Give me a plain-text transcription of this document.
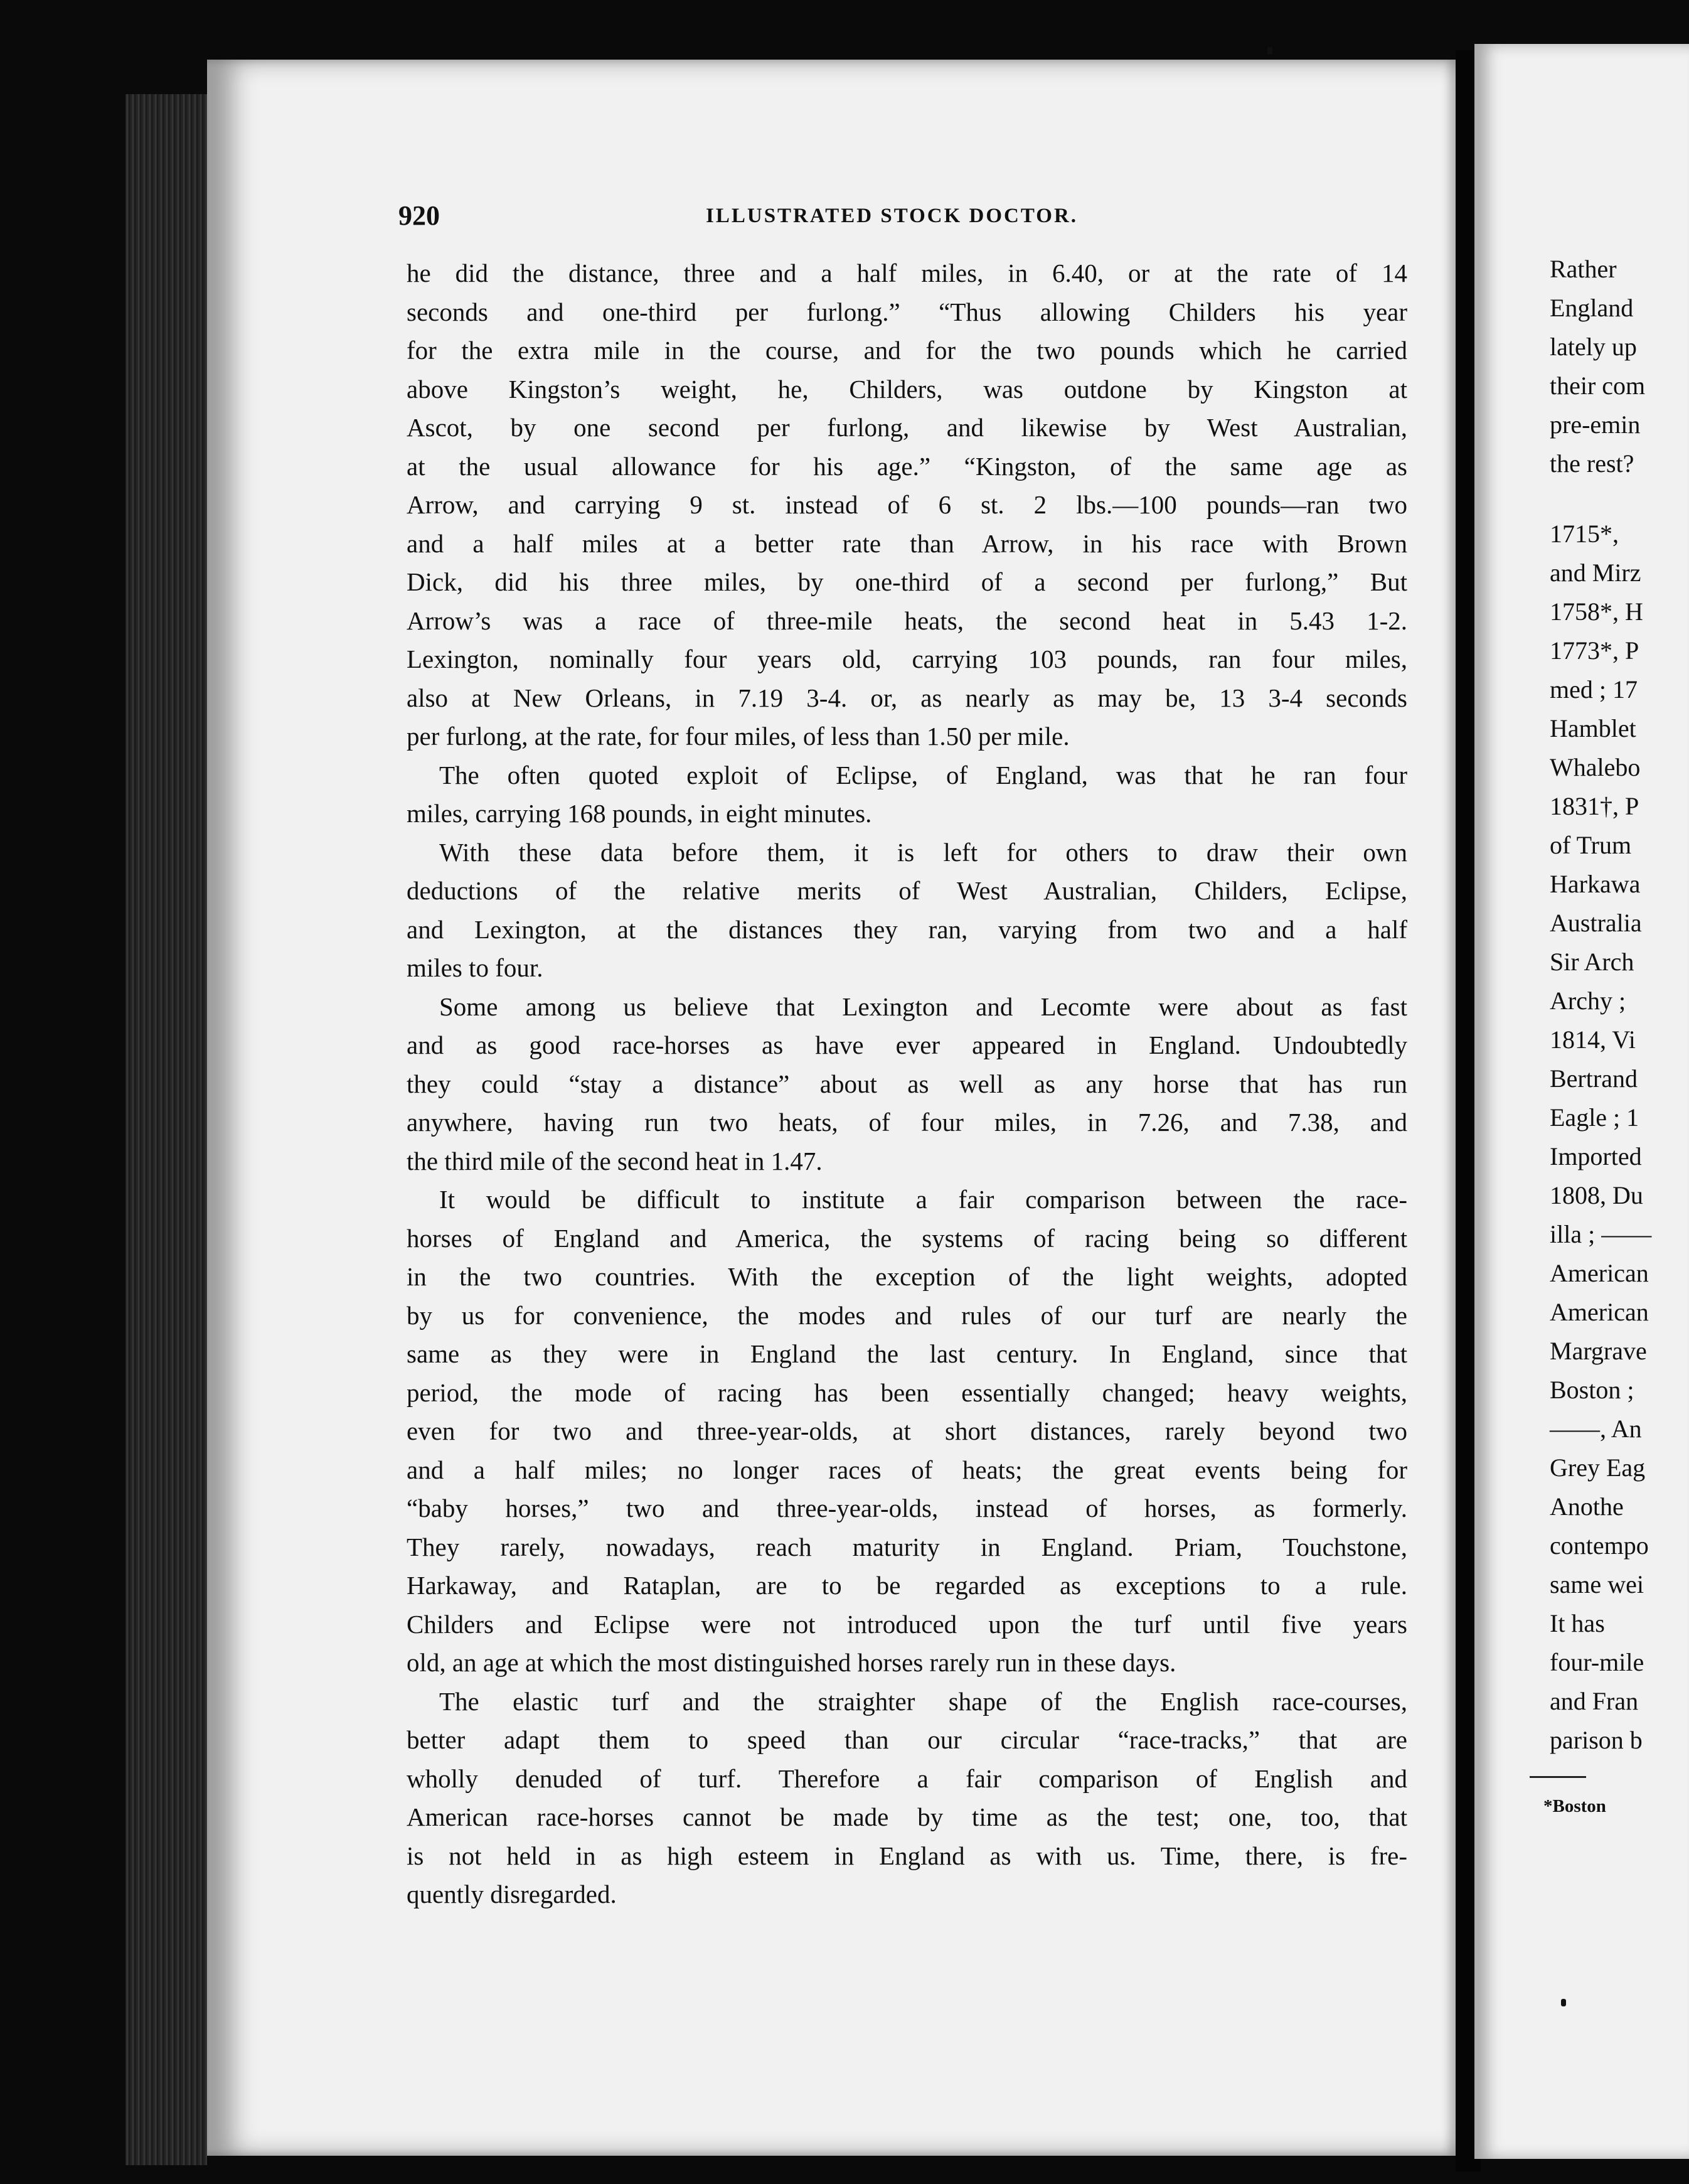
920	ILLUSTRATED STOCK DOCTOR.
he did the distance, three and a half miles, in 6.40, or at the rate of 14
seconds and one-third per furlong.” “Thus allowing Childers his year
for the extra mile in the course, and for the two pounds which he carried
above Kingston’s weight, he, Childers, was outdone by Kingston at
Ascot, by one second per furlong, and likewise by West Australian,
at the usual allowance for his age.” “Kingston, of the same age as
Arrow, and carrying 9 st. instead of 6 st. 2 lbs.—100 pounds—ran two
and a half miles at a better rate than Arrow, in his race with Brown
Dick, did his three miles, by one-third of a second per furlong,” But
Arrow’s was a race of three-mile heats, the second heat in 5.43 1-2.
Lexington, nominally four years old, carrying 103 pounds, ran four miles,
also at New Orleans, in 7.19 3-4. or, as nearly as may be, 13 3-4 seconds
per furlong, at the rate, for four miles, of less than 1.50 per mile.
The often quoted exploit of Eclipse, of England, was that he ran four
miles, carrying 168 pounds, in eight minutes.
With these data before them, it is left for others to draw their own
deductions of the relative merits of West Australian, Childers, Eclipse,
and Lexington, at the distances they ran, varying from two and a half
miles to four.
Some among us believe that Lexington and Lecomte were about as fast
and as good race-horses as have ever appeared in England. Undoubtedly
they could “stay a distance” about as well as any horse that has run
anywhere, having run two heats, of four miles, in 7.26, and 7.38, and
the third mile of the second heat in 1.47.
It would be difficult to institute a fair comparison between the race-
horses of England and America, the systems of racing being so different
in the two countries. With the exception of the light weights, adopted
by us for convenience, the modes and rules of our turf are nearly the
same as they were in England the last century. In England, since that
period, the mode of racing has been essentially changed; heavy weights,
even for two and three-year-olds, at short distances, rarely beyond two
and a half miles; no longer races of heats; the great events being for
“baby horses,” two and three-year-olds, instead of horses, as formerly.
They rarely, nowadays, reach maturity in England. Priam, Touchstone,
Harkaway, and Rataplan, are to be regarded as exceptions to a rule.
Childers and Eclipse were not introduced upon the turf until five years
old, an age at which the most distinguished horses rarely run in these days.
The elastic turf and the straighter shape of the English race-courses,
better adapt them to speed than our circular “race-tracks,” that are
wholly denuded of turf. Therefore a fair comparison of English and
American race-horses cannot be made by time as the test; one, too, that
is not held in as high esteem in England as with us. Time, there, is fre-
quently disregarded.
Rather
England
lately up
their com
pre-emin
the rest?
1715*,
and Mirz
1758*, H
1773*, P
med ; 17
Hamblet
Whalebo
1831†, P
of Trum
Harkawa
Australia
Sir Arch
Archy ;
1814, Vi
Bertrand
Eagle ; 1
Imported
1808, Du
illa ; ——
American
American
Margrave
Boston ;
——, An
Grey Eag
Anothe
contempo
same wei
It has
four-mile
and Fran
parison b
*Boston
